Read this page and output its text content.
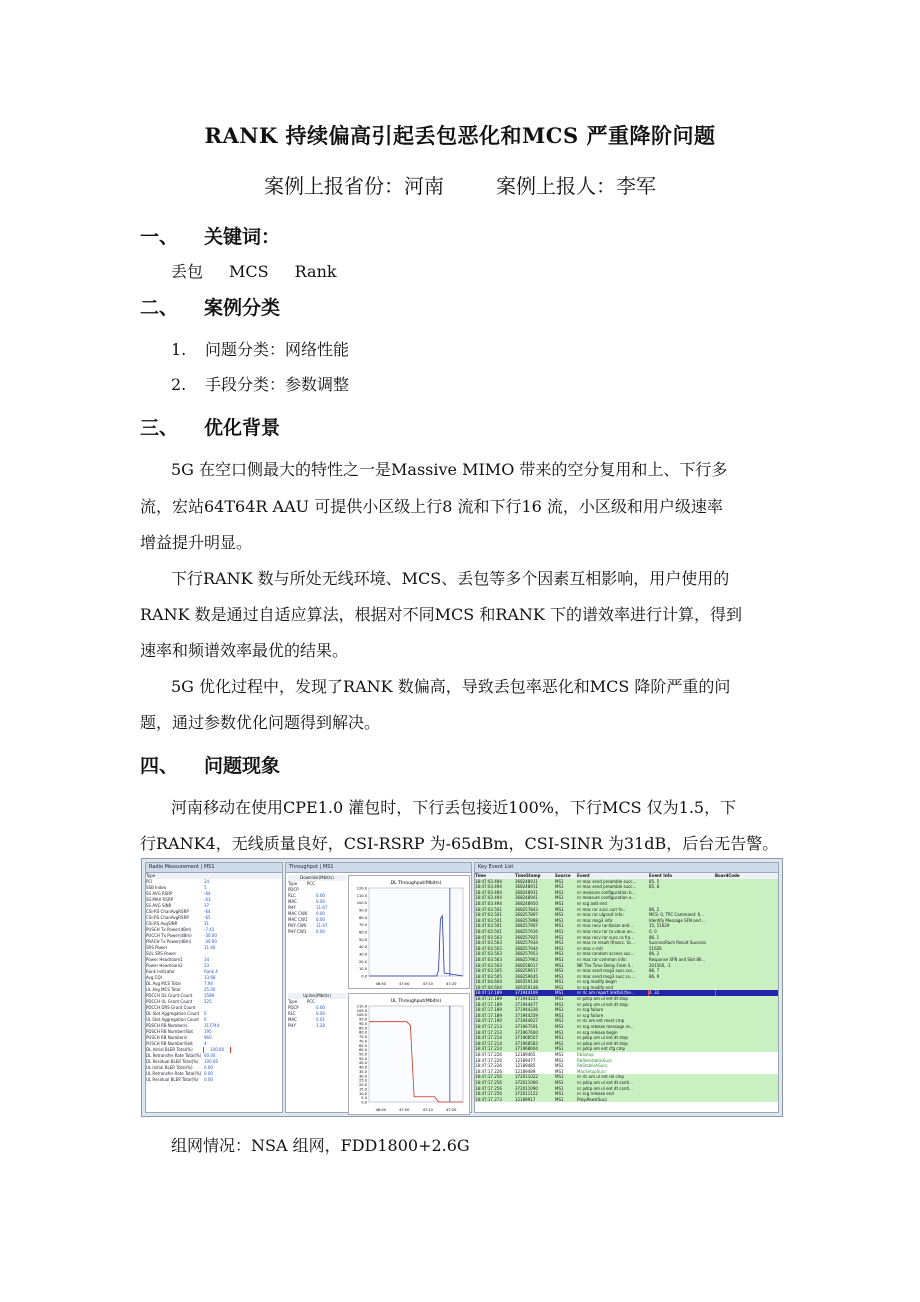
RANK 持续偏高引起丢包恶化和MCS 严重降阶问题
案例上报省份：河南	案例上报人：李军
一、 关键词：
丢包 MCS Rank
二、 案例分类
1. 问题分类：网络性能
2. 手段分类：参数调整
三、 优化背景
5G 在空口侧最大的特性之一是Massive MIMO 带来的空分复用和上、下行多
流，宏站64T64R AAU 可提供小区级上行8 流和下行16 流，小区级和用户级速率
增益提升明显。
下行RANK 数与所处无线环境、MCS、丢包等多个因素互相影响，用户使用的
RANK 数是通过自适应算法，根据对不同MCS 和RANK 下的谱效率进行计算，得到
速率和频谱效率最优的结果。
5G 优化过程中，发现了RANK 数偏高，导致丢包率恶化和MCS 降阶严重的问
题，通过参数优化问题得到解决。
四、 问题现象
河南移动在使用CPE1.0 灌包时，下行丢包接近100%，下行MCS 仅为1.5，下
行RANK4，无线质量良好，CSI-RSRP 为-65dBm，CSI-SINR 为31dB，后台无告警。
Radio Measurement | MS1
Type
PCI	24
SSB Index	5
SS AVG RSRP	-64
SS MAX RSRP	-63
SS AVG SINR	37
CSI-RS ChanAvgRSRP	-64
CSI-RS ChanAvgRSRP	-65
CSI-RS AvgSINR	31
PUSCH Tx Power(dBm)	-7.41
PUCCH Tx Power(dBm)	-30.00
PRACH Tx Power(dBm)	-30.00
SRS Power	11.60
SUL SRS Power
Power Headroom1	34
Power Headroom2	23
Rank Indicator	Rank 4
Avg CQI	13.68
DL Avg MCS Total	7.94
UL Avg MCS Total	25.00
PDCCH DL Grant Count	1589
PDCCH UL Grant Count	225
PDCCH DRS Grant Count
DL Slot Aggregation Count	0
UL Slot Aggregation Count	0
PDSCH RB Number/s	317744
PDSCH RB Number/Slot	195
PUSCH RB Number/s	960
PUSCH RB Number/Slot	4
DL Initial BLER Total(%)	100.00
DL Retransfer Rate Total(%) 60.00
DL Residual BLER Total(%)	100.00
UL Initial BLER Total(%)	0.00
UL Retransfer Rate Total(%) 0.00
UL Residual BLER Total(%)	0.00
Throughput | MS1
Downlink(Mbit/s)
Type	PCC
PDCP
RLC	0.00
MAC	0.00
PHY	11.67
MAC CW0	0.00
MAC CW1	0.00
PHY CW0	11.67
PHY CW1	0.00
DL Throughput(Mbit/s)
120.0
110.0
100.0
90.0
80.0
70.0
60.0
50.0
40.0
30.0
20.0
10.0
0.0
46:50	47:00	47:10	47:20
Uplink(Mbit/s)
Type	PCC
PDCP	0.00
RLC	0.00
MAC	0.01
PHY	1.28
UL Throughput(Mbit/s)
110.0
105.0
100.0
95.0
90.0
85.0
80.0
75.0
70.0
65.0
60.0
55.0
50.0
45.0
40.0
35.0
30.0
25.0
20.0
15.0
10.0
5.0
0.0
46:50	47:00	47:10	47:20
Key Event List
Time	TimeStamp	Source	Event	Event Info	BoardCode
18:47:03.494	368248911	MS1	nr mac send preamble succ...	85, 5
18:47:03.494	368248911	MS1	nr mac send preamble succ...	85, 8
18:47:03.494	368248931	MS1	nr measure configuration b...
18:47:03.494	368248941	MS1	nr measure configuration e...
18:47:03.494	368248950	MS1	nr scg add end
18:47:03.501	368257843	MS1	nr mac rar succ.curr fo...	86, 2
18:47:03.501	368257897	MS1	nr mac rar ulgrant info:	MCS: 0, TPC Command: 6...
18:47:03.501	368257898	MS1	nr mac msg3 info:	Identify Message SFN and ...
18:47:03.501	368257907	MS1	nr mac recv rar.tbsize and ...	15, 51629
18:47:03.501	368257916	MS1	nr mac recv rar ta value an...	0, 0
18:47:03.503	368257925	MS1	nr mac recv rar succ.ra fra...	86, 1
18:47:03.503	368257934	MS1	nr mac ra result (Rnacc. Sc...	SuccessRach Result Success
18:47:03.503	368257944	MS1	nr mac c-rnti	51626
18:47:03.503	368257953	MS1	nr mac random access suc...	86, 2
18:47:03.503	368257962	MS1	nr mac rar common info:	Response SFN and Slot 86...
18:47:03.503	368258017	MS1	NR The Time Delay From S...	201560, -1
18:47:03.505	368259617	MS1	nr mac send msg3 succ.cur...	86, 7
18:47:03.505	368259645	MS1	nr mac send msg3 succ.cu ...	86, 9
18:47:04.604	369359138	MS1	nr scg modify begin
18:47:04.604	369359148	MS1	nr scg modify end
18:47:17.189	371944169	MS1	nr rlc am report linkfail.the...	4, 32
18:47:17.189	371944225	MS1	nr pdcp om ul ent dt stop
18:47:17.189	371944477	MS1	nr pdcp om ul ent dt stop
18:47:17.189	371944236	MS1	nr scg failure
18:47:17.189	371944259	MS1	nr scg failure
18:47:17.190	371944627	MS1	nr rlc om ent reest cmp
18:47:17.213	371967591	MS1	nr scg release message re...
18:47:17.213	371967600	MS1	nr scg release begin
18:47:17.214	371968507	MS1	nr pdcp om ul ent dt stop
18:47:17.214	371968583	MS1	nr pdcp om ul ent dt stop
18:47:17.214	371968604	MS1	nr pdcp om ent cfg cmp
18:47:17.226	12189465	MS1	RbSetup
18:47:17.226	12189477	MS1	RbReestablisSucc
18:47:17.226	12189485	MS1	RbStablishSucc
18:47:17.226	12189489	MS1	MacSetupSucc
18:47:17.256	372011022	MS1	nr rlc om ul ent rel cmp
18:47:17.256	372011060	MS1	nr pdcp om ul ent dt conti...
18:47:17.256	372011090	MS1	nr pdcp om ul ent dt conti...
18:47:17.256	372011122	MS1	nr scg release end
18:47:17.273	12189917	MS1	PdcpReestSucc
组网情况：NSA 组网，FDD1800+2.6G
